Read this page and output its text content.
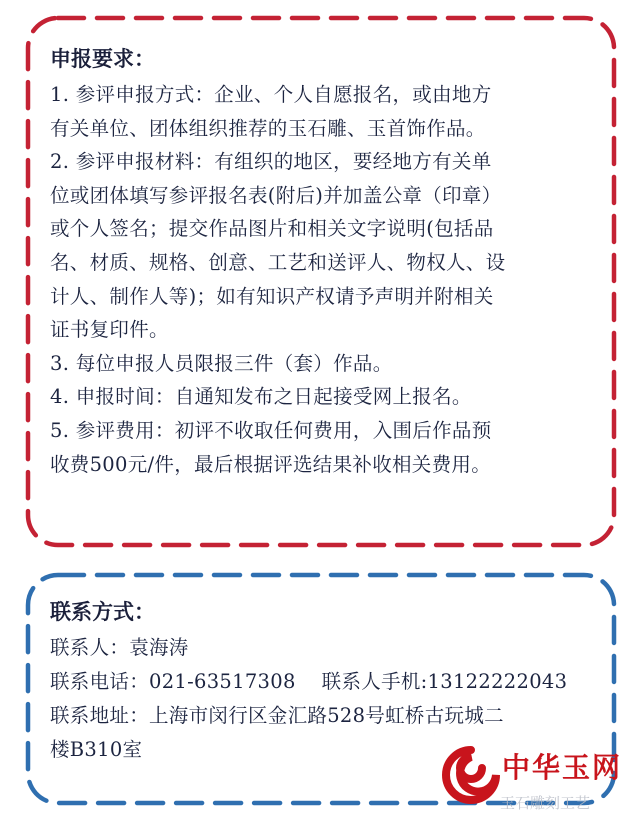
申报要求：
1. 参评申报方式：企业、个人自愿报名，或由地方
有关单位、团体组织推荐的玉石雕、玉首饰作品。
2. 参评申报材料：有组织的地区，要经地方有关单
位或团体填写参评报名表(附后)并加盖公章（印章）
或个人签名；提交作品图片和相关文字说明(包括品
名、材质、规格、创意、工艺和送评人、物权人、设
计人、制作人等)；如有知识产权请予声明并附相关
证书复印件。
3. 每位申报人员限报三件（套）作品。
4. 申报时间：自通知发布之日起接受网上报名。
5. 参评费用：初评不收取任何费用，入围后作品预
收费500元/件，最后根据评选结果补收相关费用。
联系方式：
联系人：袁海涛
联系电话：021-63517308 联系人手机:13122222043
联系地址：上海市闵行区金汇路528号虹桥古玩城二
楼B310室
中华玉网
玉石雕刻工艺
